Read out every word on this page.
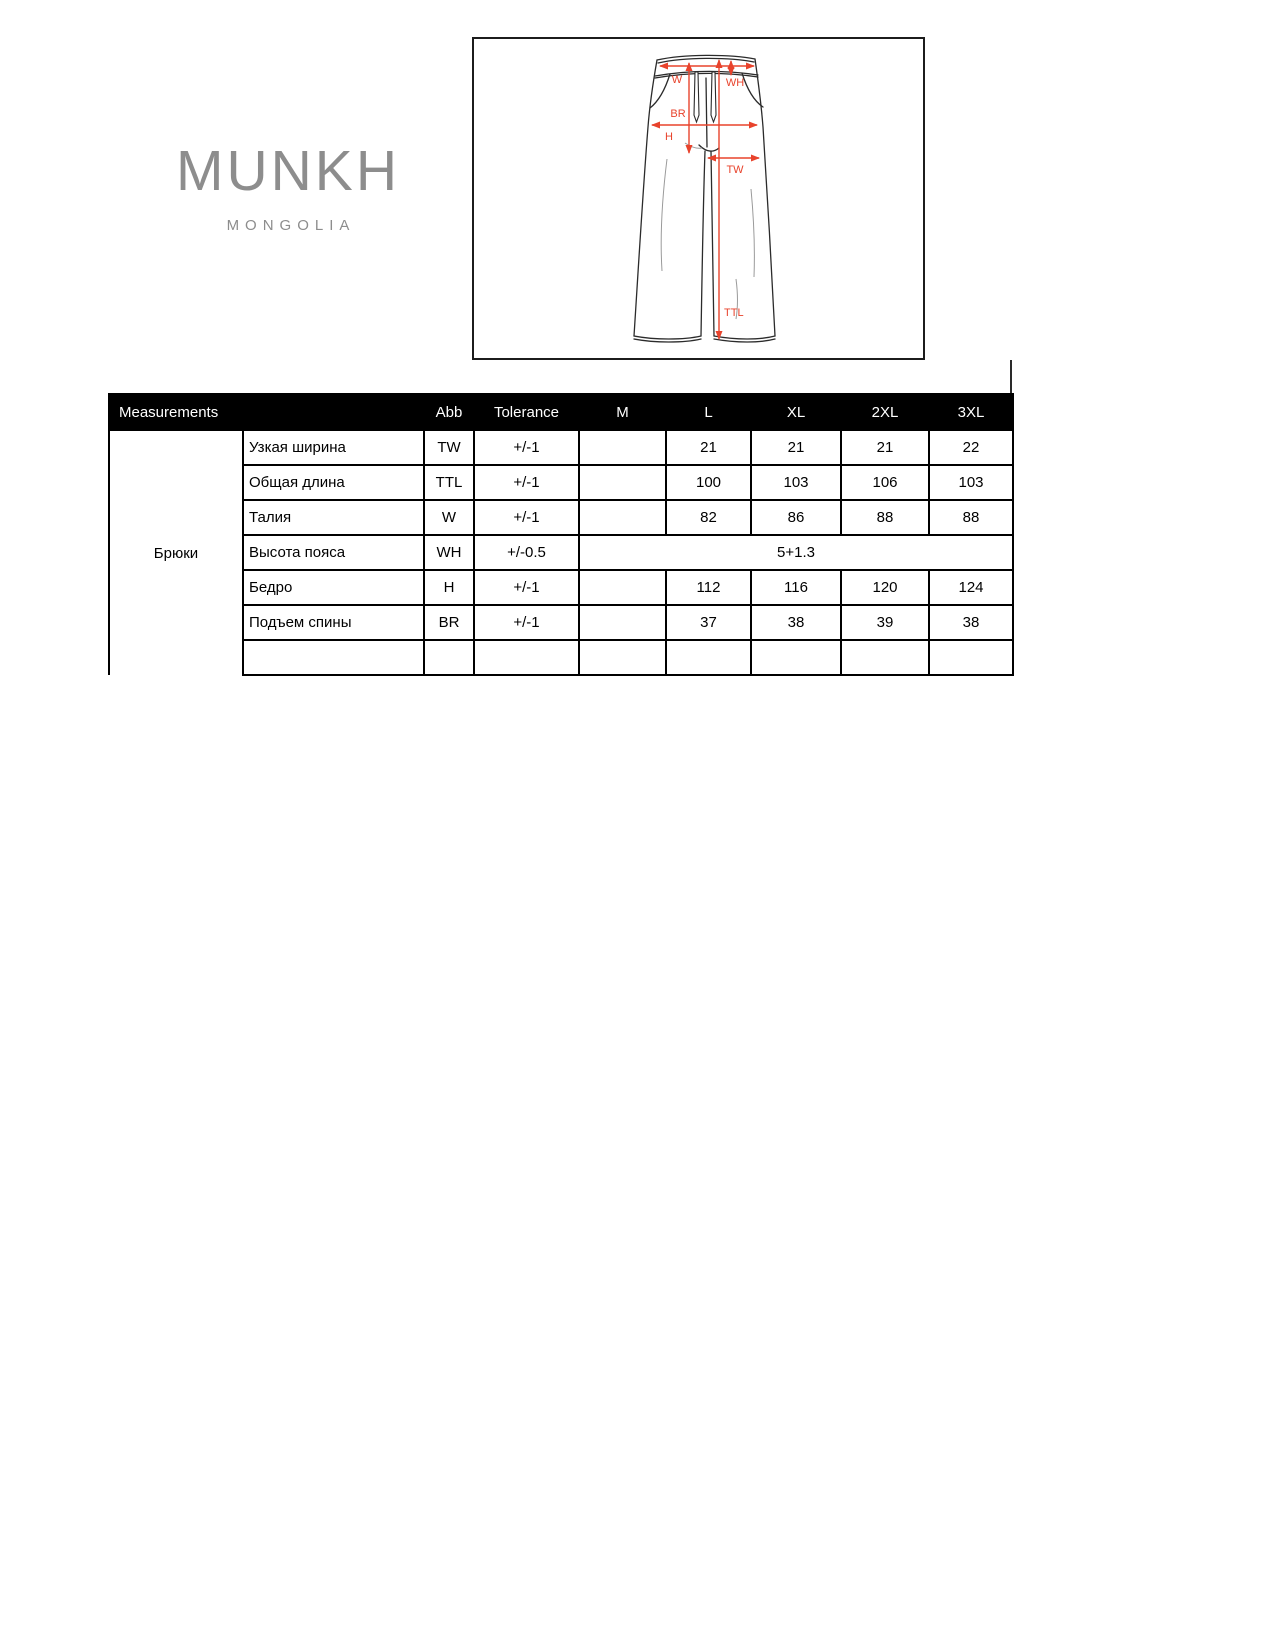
MUNKH
MONGOLIA
W	WH
BR
H
TW
TTL
Measurements		Abb	Tolerance	M	L	XL	2XL	3XL
Брюки	Узкая ширина	TW	+/-1		21	21	21	22
	Общая длина	TTL	+/-1		100	103	106	103
	Талия	W	+/-1		82	86	88	88
	Высота пояса	WH	+/-0.5	5+1.3				
	Бедро	H	+/-1		112	116	120	124
	Подъем спины	BR	+/-1		37	38	39	38
